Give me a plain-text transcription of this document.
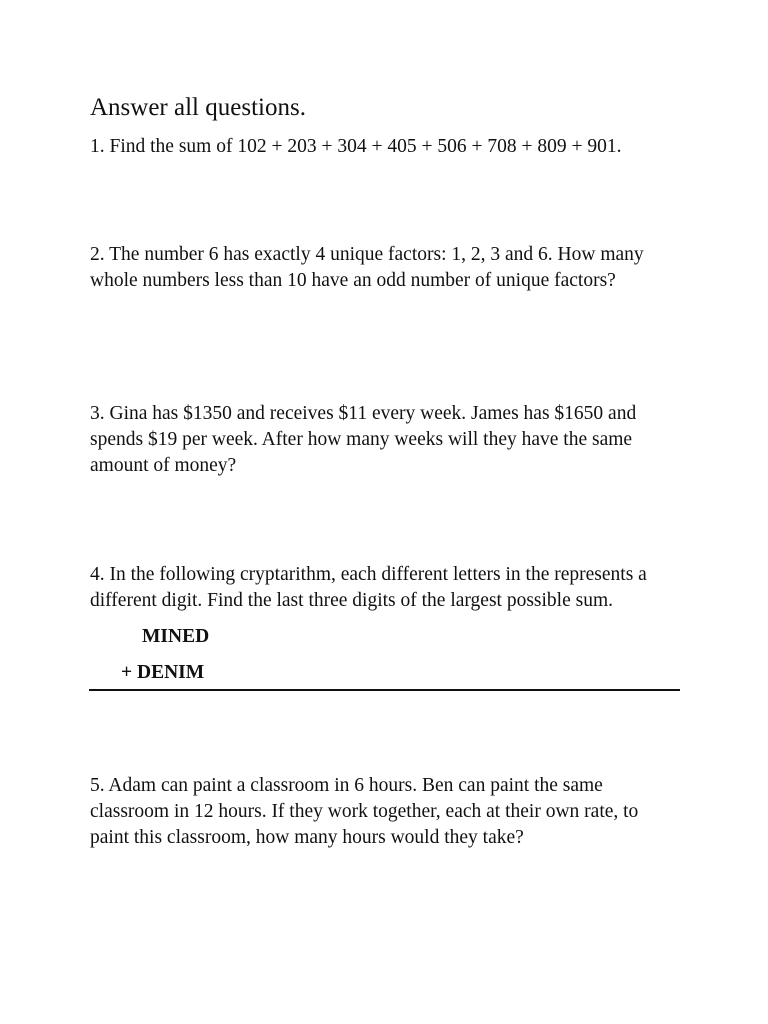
Answer all questions.

1. Find the sum of 102 + 203 + 304 + 405 + 506 + 708 + 809 + 901.

2. The number 6 has exactly 4 unique factors: 1, 2, 3 and 6. How many whole numbers less than 10 have an odd number of unique factors?

3. Gina has $1350 and receives $11 every week. James has $1650 and spends $19 per week. After how many weeks will they have the same amount of money?

4. In the following cryptarithm, each different letters in the represents a different digit. Find the last three digits of the largest possible sum.

MINED
+ DENIM

5. Adam can paint a classroom in 6 hours. Ben can paint the same classroom in 12 hours. If they work together, each at their own rate, to paint this classroom, how many hours would they take?
